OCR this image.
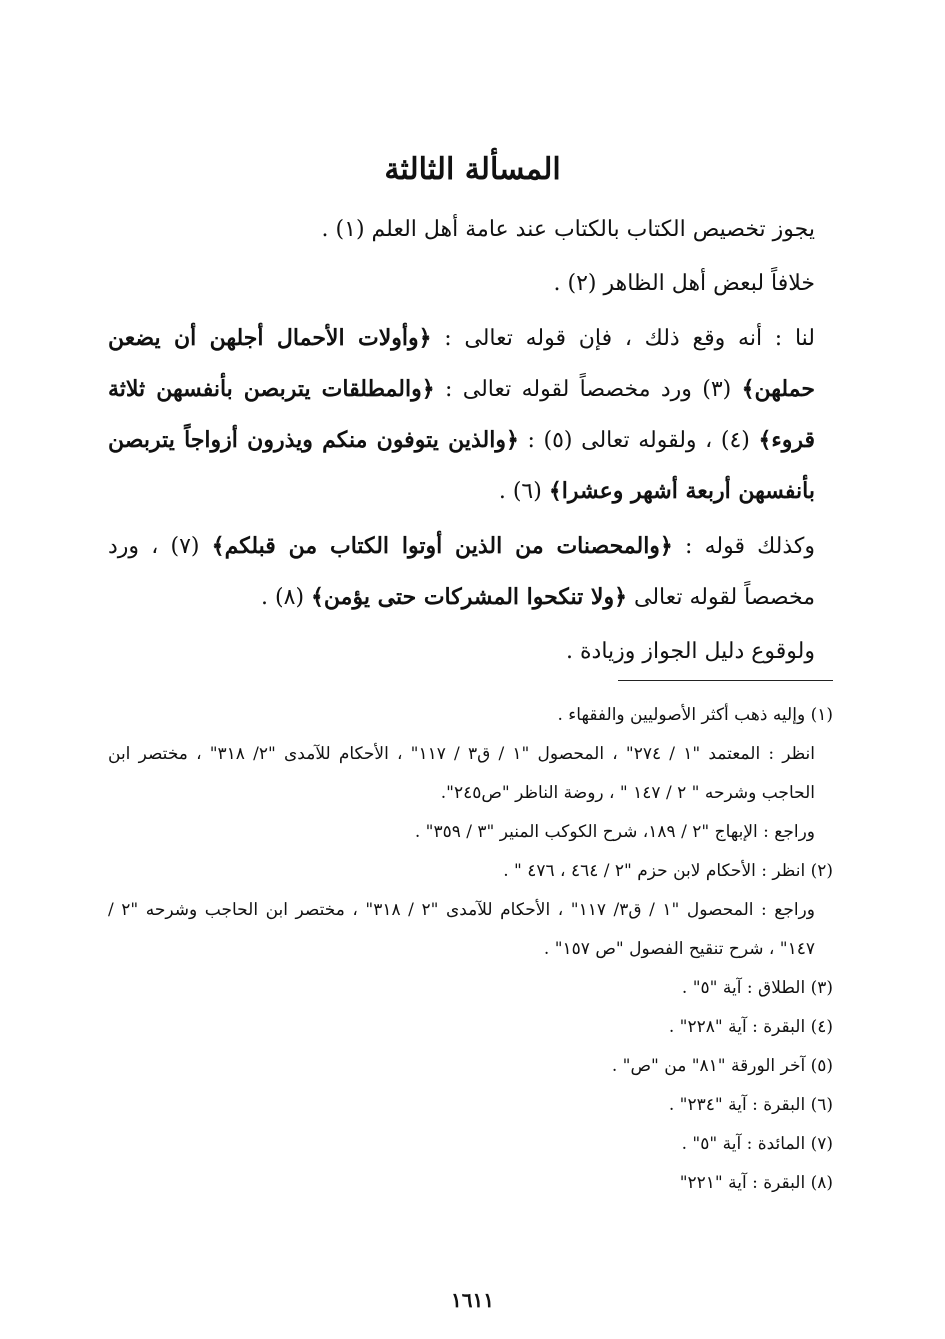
المسألة الثالثة

يجوز تخصيص الكتاب بالكتاب عند عامة أهل العلم (١) .

خلافاً لبعض أهل الظاهر (٢) .

لنا : أنه وقع ذلك ، فإن قوله تعالى : ﴿وأولات الأحمال أجلهن أن يضعن حملهن﴾ (٣) ورد مخصصاً لقوله تعالى : ﴿والمطلقات يتربصن بأنفسهن ثلاثة قروء﴾ (٤) ، ولقوله تعالى (٥) : ﴿والذين يتوفون منكم ويذرون أزواجاً يتربصن بأنفسهن أربعة أشهر وعشرا﴾ (٦) .

وكذلك قوله : ﴿والمحصنات من الذين أوتوا الكتاب من قبلكم﴾ (٧) ، ورد مخصصاً لقوله تعالى ﴿ولا تنكحوا المشركات حتى يؤمن﴾ (٨) .

ولوقوع دليل الجواز وزيادة .

(١) وإليه ذهب أكثر الأصوليين والفقهاء .

انظر : المعتمد "١ / ٢٧٤" ، المحصول "١ / ق٣ / ١١٧" ، الأحكام للآمدى "٢/ ٣١٨" ، مختصر ابن الحاجب وشرحه " ٢ / ١٤٧ " ، روضة الناظر "ص٢٤٥".

وراجع : الإبهاج "٢ / ١٨٩، شرح الكوكب المنير "٣ / ٣٥٩" .

(٢) انظر : الأحكام لابن حزم "٢ / ٤٦٤ ، ٤٧٦ " .

وراجع : المحصول "١ / ق٣/ ١١٧" ، الأحكام للآمدى "٢ / ٣١٨" ، مختصر ابن الحاجب وشرحه "٢ / ١٤٧" ، شرح تنقيح الفصول "ص ١٥٧" .

(٣) الطلاق : آية "٥" .

(٤) البقرة : آية "٢٢٨" .

(٥) آخر الورقة "٨١" من "ص" .

(٦) البقرة : آية "٢٣٤" .

(٧) المائدة : آية "٥" .

(٨) البقرة : آية "٢٢١"

١٦١١
